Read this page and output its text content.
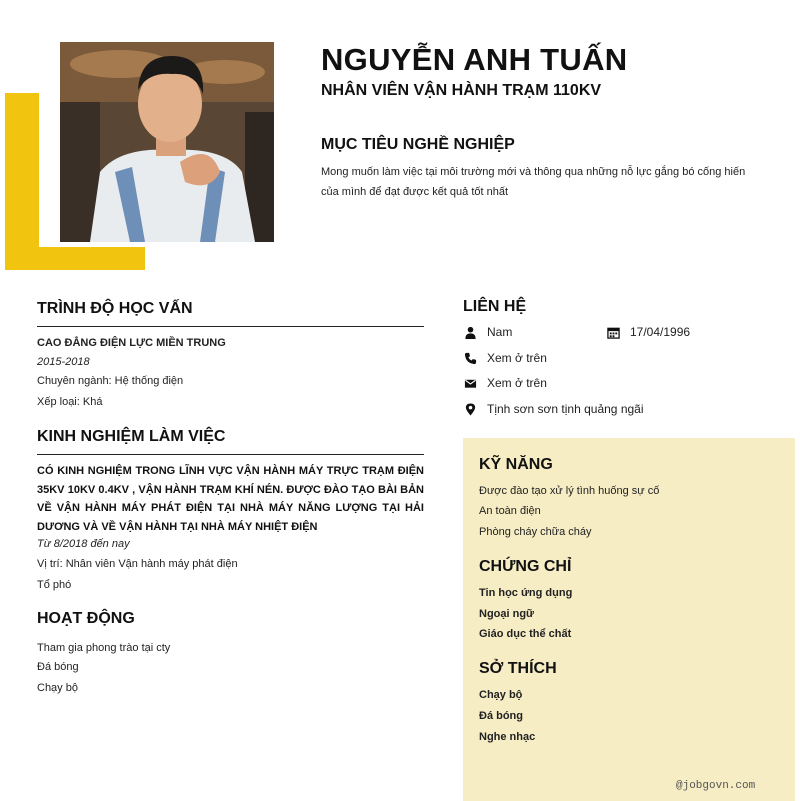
NGUYỄN ANH TUẤN
NHÂN VIÊN VẬN HÀNH TRẠM 110KV
MỤC TIÊU NGHỀ NGHIỆP
Mong muốn làm việc tại môi trường mới và thông qua những nỗ lực gắng bó cống hiến của mình để đạt được kết quả tốt nhất
TRÌNH ĐỘ HỌC VẤN
CAO ĐẲNG ĐIỆN LỰC MIỀN TRUNG
2015-2018
Chuyên ngành: Hệ thống điện
Xếp loại: Khá
KINH NGHIỆM LÀM VIỆC
CÓ KINH NGHIỆM TRONG LĨNH VỰC VẬN HÀNH MÁY TRỰC TRẠM ĐIỆN 35KV 10KV 0.4KV , VẬN HÀNH TRẠM KHÍ NÉN. ĐƯỢC ĐÀO TẠO BÀI BẢN VỀ VẬN HÀNH MÁY PHÁT ĐIỆN TẠI NHÀ MÁY NĂNG LƯỢNG TẠI HẢI DƯƠNG VÀ VỀ VẬN HÀNH TẠI NHÀ MÁY NHIỆT ĐIỆN
Từ 8/2018 đến nay
Vị trí: Nhân viên Vận hành máy phát điện
Tổ phó
HOẠT ĐỘNG
Tham gia phong trào tại cty
Đá bóng
Chạy bộ
LIÊN HỆ
Nam	17/04/1996
Xem ở trên
Xem ở trên
Tịnh sơn sơn tịnh quảng ngãi
KỸ NĂNG
Được đào tạo xử lý tình huống sự cố
An toàn điện
Phòng cháy chữa cháy
CHỨNG CHỈ
Tin học ứng dụng
Ngoại ngữ
Giáo dục thể chất
SỞ THÍCH
Chạy bộ
Đá bóng
Nghe nhạc
@jobgovn.com
